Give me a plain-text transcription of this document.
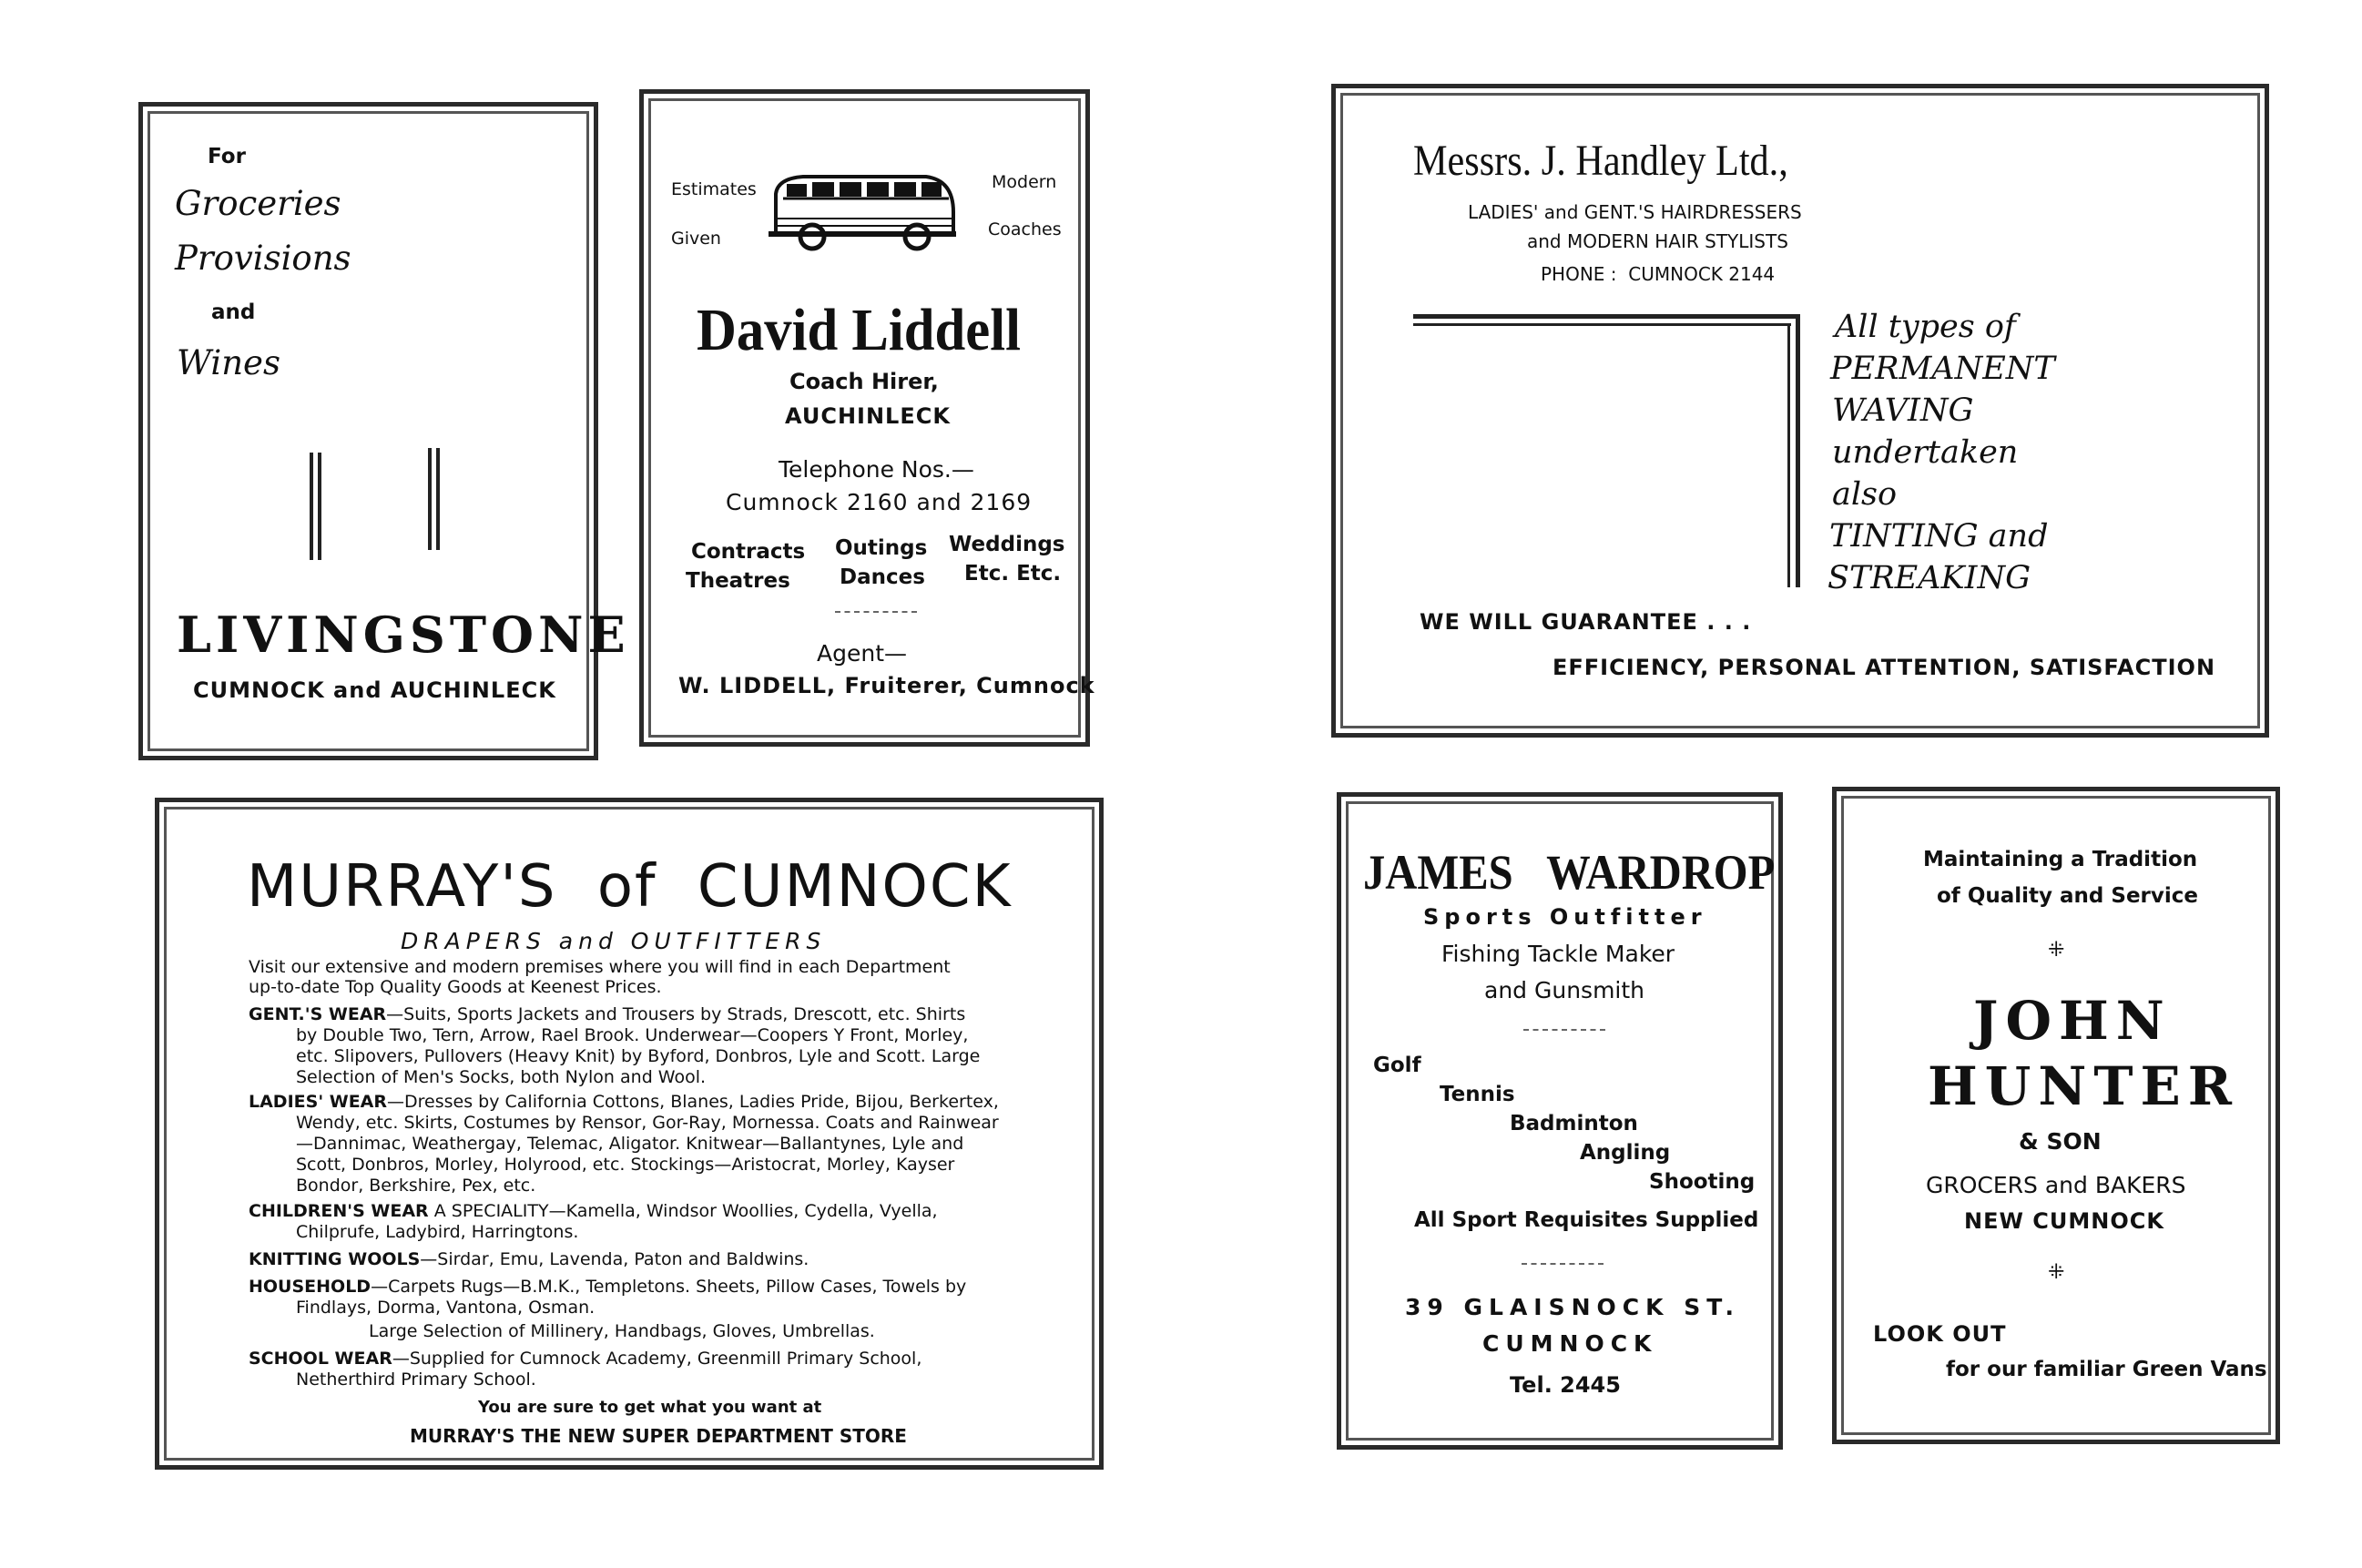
For
Groceries
Provisions
and
Wines
LIVINGSTONE
CUMNOCK and AUCHINLECK
Estimates
Given
Modern
Coaches
David Liddell
Coach Hirer,
AUCHINLECK
Telephone Nos.—
Cumnock 2160 and 2169
Contracts
Theatres
Outings
Dances
Weddings
Etc. Etc.
Agent—
W. LIDDELL, Fruiterer, Cumnock
Messrs. J. Handley Ltd.,
LADIES' and GENT.'S HAIRDRESSERS
and MODERN HAIR STYLISTS
PHONE :  CUMNOCK 2144
All types of
PERMANENT
WAVING
undertaken
also
TINTING and
STREAKING
WE WILL GUARANTEE . . .
EFFICIENCY, PERSONAL ATTENTION, SATISFACTION
MURRAY'S of CUMNOCK
DRAPERS and OUTFITTERS
Visit our extensive and modern premises where you will find in each Department
up-to-date Top Quality Goods at Keenest Prices.
GENT.'S WEAR—Suits, Sports Jackets and Trousers by Strads, Drescott, etc. Shirts
by Double Two, Tern, Arrow, Rael Brook. Underwear—Coopers Y Front, Morley,
etc. Slipovers, Pullovers (Heavy Knit) by Byford, Donbros, Lyle and Scott. Large
Selection of Men's Socks, both Nylon and Wool.
LADIES' WEAR—Dresses by California Cottons, Blanes, Ladies Pride, Bijou, Berkertex,
Wendy, etc. Skirts, Costumes by Rensor, Gor-Ray, Mornessa. Coats and Rainwear
—Dannimac, Weathergay, Telemac, Aligator. Knitwear—Ballantynes, Lyle and
Scott, Donbros, Morley, Holyrood, etc. Stockings—Aristocrat, Morley, Kayser
Bondor, Berkshire, Pex, etc.
CHILDREN'S WEAR A SPECIALITY—Kamella, Windsor Woollies, Cydella, Vyella,
Chilprufe, Ladybird, Harringtons.
KNITTING WOOLS—Sirdar, Emu, Lavenda, Paton and Baldwins.
HOUSEHOLD—Carpets Rugs—B.M.K., Templetons. Sheets, Pillow Cases, Towels by
Findlays, Dorma, Vantona, Osman.
Large Selection of Millinery, Handbags, Gloves, Umbrellas.
SCHOOL WEAR—Supplied for Cumnock Academy, Greenmill Primary School,
Netherthird Primary School.
You are sure to get what you want at
MURRAY'S THE NEW SUPER DEPARTMENT STORE
JAMES WARDROP
Sports Outfitter
Fishing Tackle Maker
and Gunsmith
Golf
Tennis
Badminton
Angling
Shooting
All Sport Requisites Supplied
39 GLAISNOCK ST.
CUMNOCK
Tel. 2445
Maintaining a Tradition
of Quality and Service
⁜
JOHN
HUNTER
& SON
GROCERS and BAKERS
NEW CUMNOCK
⁜
LOOK OUT
for our familiar Green Vans
